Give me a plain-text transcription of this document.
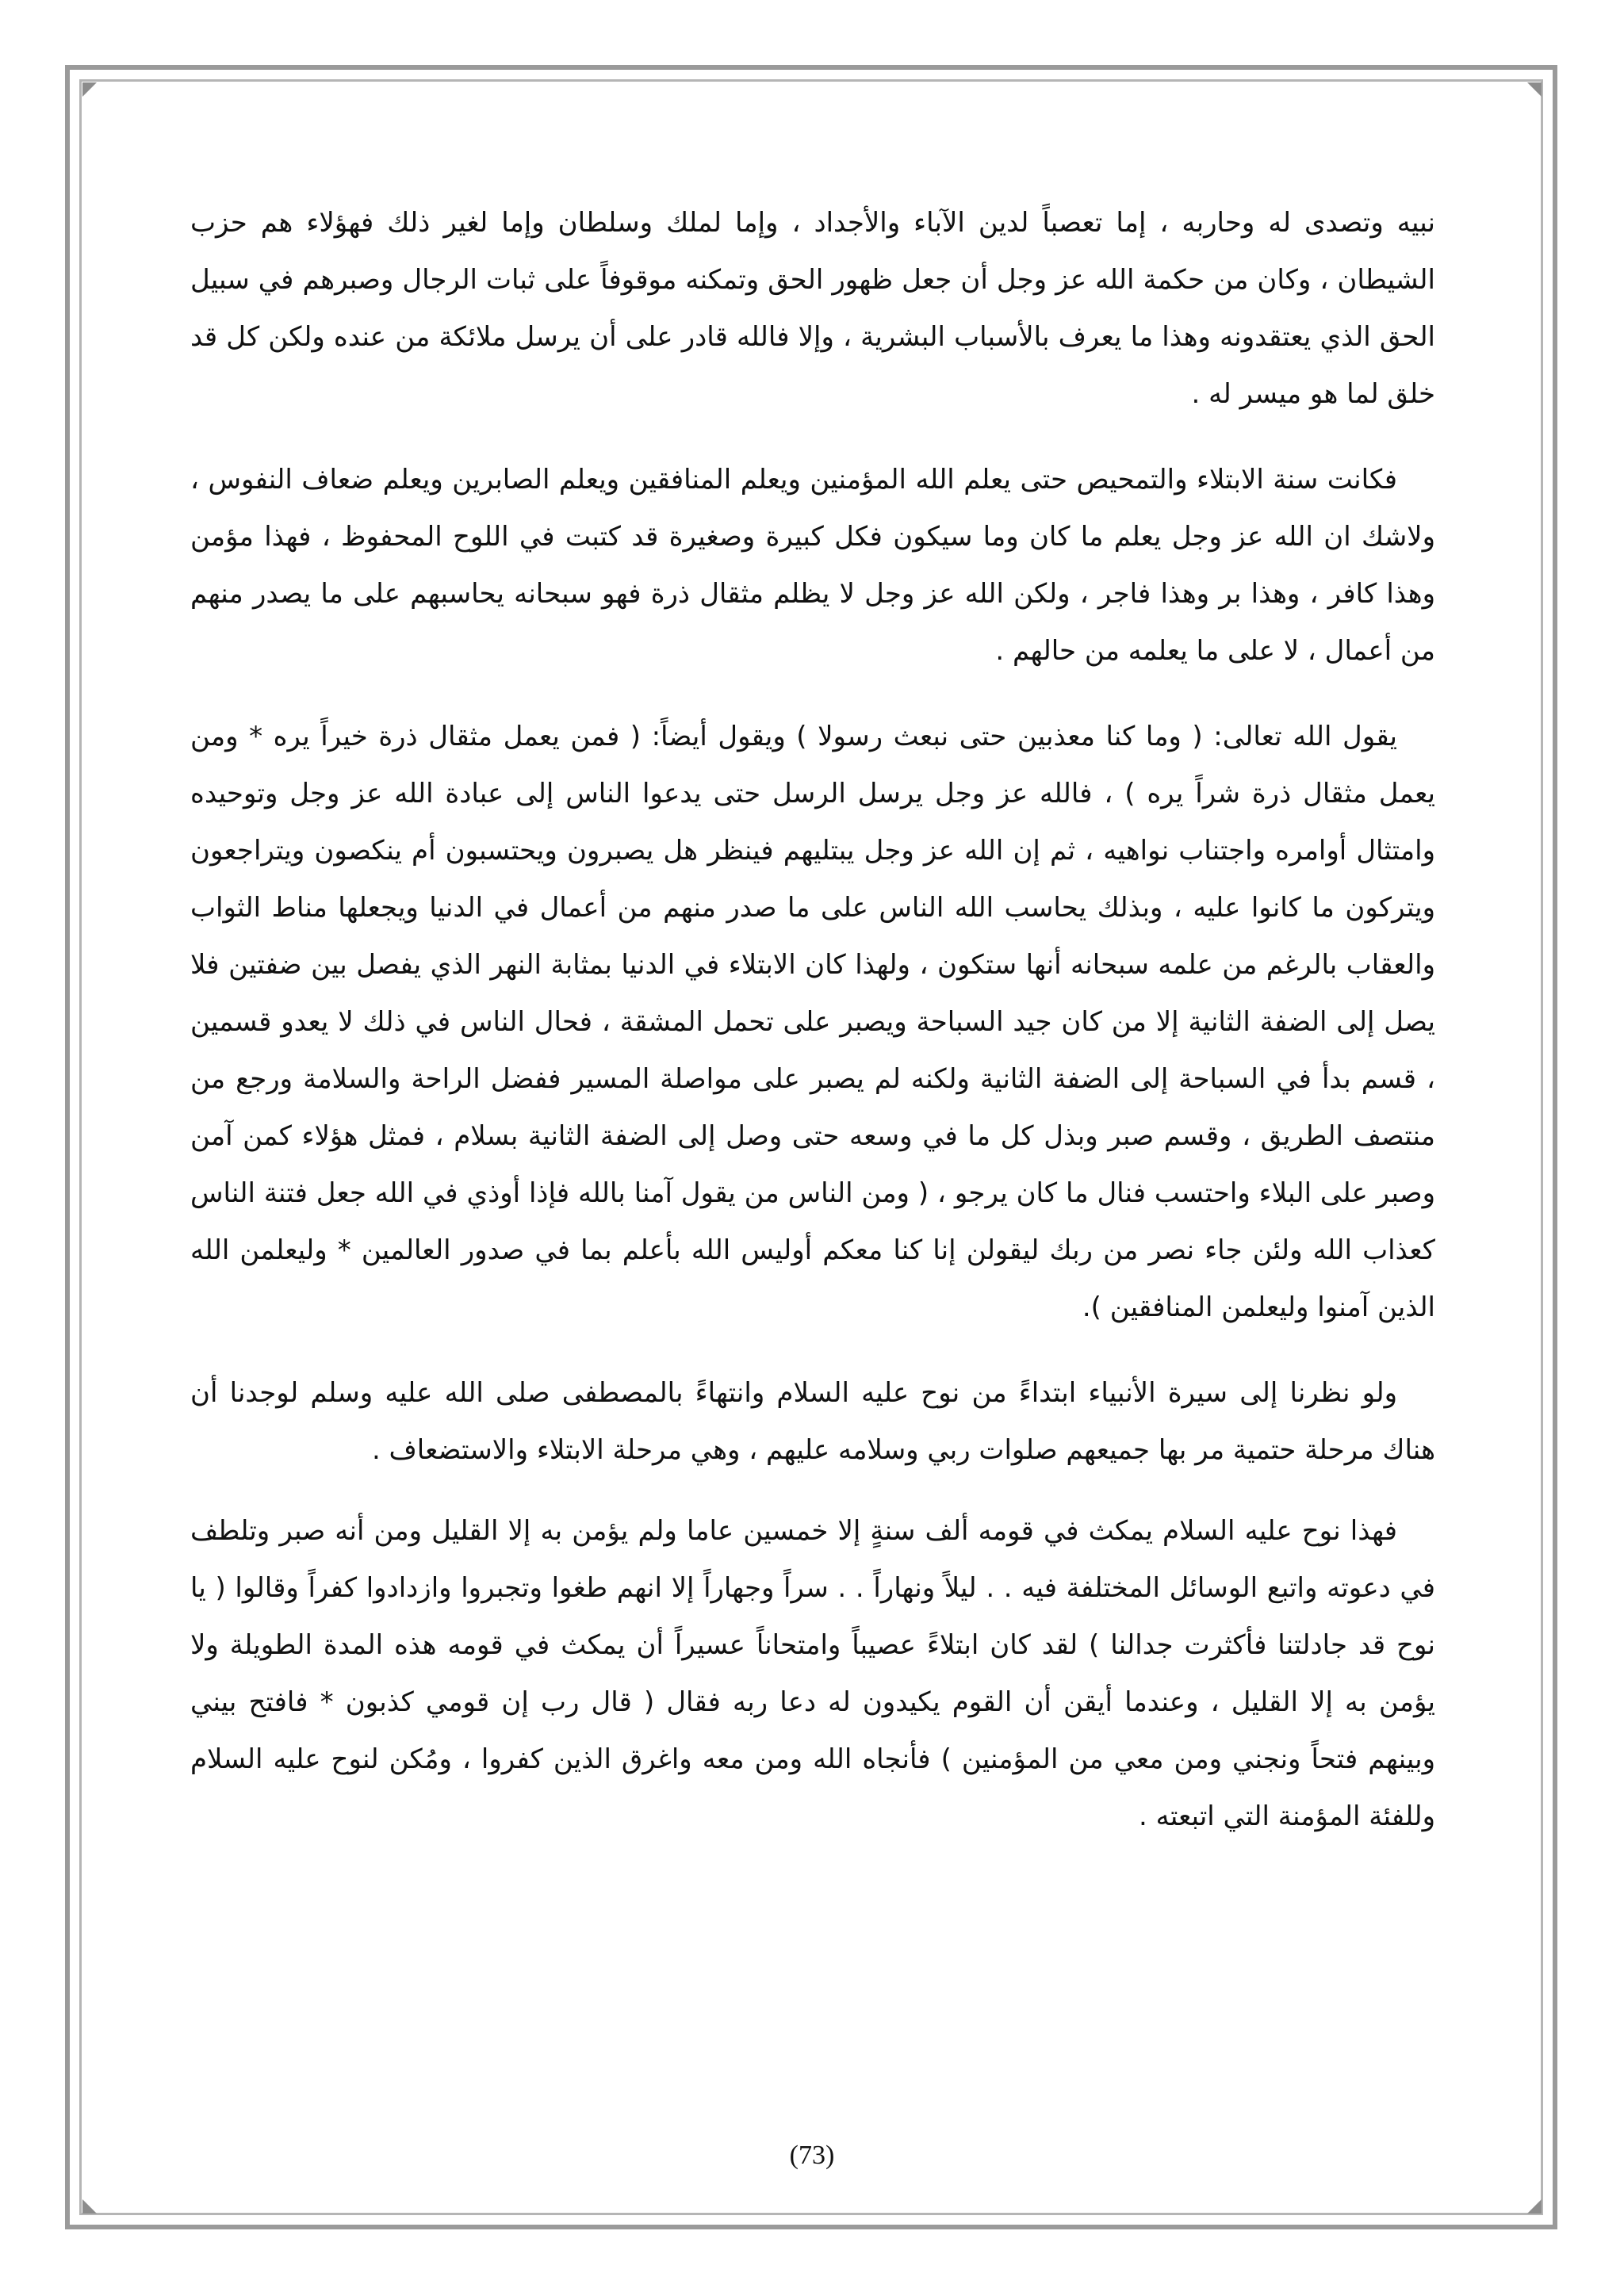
نبيه وتصدى له وحاربه ، إما تعصباً لدين الآباء والأجداد ، وإما لملك وسلطان وإما لغير ذلك فهؤلاء هم حزب الشيطان ، وكان من حكمة الله عز وجل أن جعل ظهور الحق وتمكنه موقوفاً على ثبات الرجال وصبرهم في سبيل الحق الذي يعتقدونه وهذا ما يعرف بالأسباب البشرية ، وإلا فالله قادر على أن يرسل ملائكة من عنده ولكن كل قد خلق لما هو ميسر له .

فكانت سنة الابتلاء والتمحيص حتى يعلم الله المؤمنين ويعلم المنافقين ويعلم الصابرين ويعلم ضعاف النفوس ، ولاشك ان الله عز وجل يعلم ما كان وما سيكون فكل كبيرة وصغيرة قد كتبت في اللوح المحفوظ ، فهذا مؤمن وهذا كافر ، وهذا بر وهذا فاجر ، ولكن الله عز وجل لا يظلم مثقال ذرة فهو سبحانه يحاسبهم على ما يصدر منهم من أعمال ، لا على ما يعلمه من حالهم .

يقول الله تعالى: ( وما كنا معذبين حتى نبعث رسولا ) ويقول أيضاً: ( فمن يعمل مثقال ذرة خيراً يره * ومن يعمل مثقال ذرة شراً يره ) ، فالله عز وجل يرسل الرسل حتى يدعوا الناس إلى عبادة الله عز وجل وتوحيده وامتثال أوامره واجتناب نواهيه ، ثم إن الله عز وجل يبتليهم فينظر هل يصبرون ويحتسبون أم ينكصون ويتراجعون ويتركون ما كانوا عليه ، وبذلك يحاسب الله الناس على ما صدر منهم من أعمال في الدنيا ويجعلها مناط الثواب والعقاب بالرغم من علمه سبحانه أنها ستكون ، ولهذا كان الابتلاء في الدنيا بمثابة النهر الذي يفصل بين ضفتين فلا يصل إلى الضفة الثانية إلا من كان جيد السباحة ويصبر على تحمل المشقة ، فحال الناس في ذلك لا يعدو قسمين ، قسم بدأ في السباحة إلى الضفة الثانية ولكنه لم يصبر على مواصلة المسير ففضل الراحة والسلامة ورجع من منتصف الطريق ، وقسم صبر وبذل كل ما في وسعه حتى وصل إلى الضفة الثانية بسلام ، فمثل هؤلاء كمن آمن وصبر على البلاء واحتسب فنال ما كان يرجو ، ( ومن الناس من يقول آمنا بالله فإذا أوذي في الله جعل فتنة الناس كعذاب الله ولئن جاء نصر من ربك ليقولن إنا كنا معكم أوليس الله بأعلم بما في صدور العالمين * وليعلمن الله الذين آمنوا وليعلمن المنافقين ).

ولو نظرنا إلى سيرة الأنبياء ابتداءً من نوح عليه السلام وانتهاءً بالمصطفى صلى الله عليه وسلم لوجدنا أن هناك مرحلة حتمية مر بها جميعهم صلوات ربي وسلامه عليهم ، وهي مرحلة الابتلاء والاستضعاف .

فهذا نوح عليه السلام يمكث في قومه ألف سنةٍ إلا خمسين عاما ولم يؤمن به إلا القليل ومن أنه صبر وتلطف في دعوته واتبع الوسائل المختلفة فيه . . ليلاً ونهاراً . . سراً وجهاراً إلا انهم طغوا وتجبروا وازدادوا كفراً وقالوا ( يا نوح قد جادلتنا فأكثرت جدالنا ) لقد كان ابتلاءً عصيباً وامتحاناً عسيراً أن يمكث في قومه هذه المدة الطويلة ولا يؤمن به إلا القليل ، وعندما أيقن أن القوم يكيدون له دعا ربه فقال ( قال رب إن قومي كذبون * فافتح بيني وبينهم فتحاً ونجني ومن معي من المؤمنين ) فأنجاه الله ومن معه واغرق الذين كفروا ، ومُكن لنوح عليه السلام وللفئة المؤمنة التي اتبعته .

(73)
